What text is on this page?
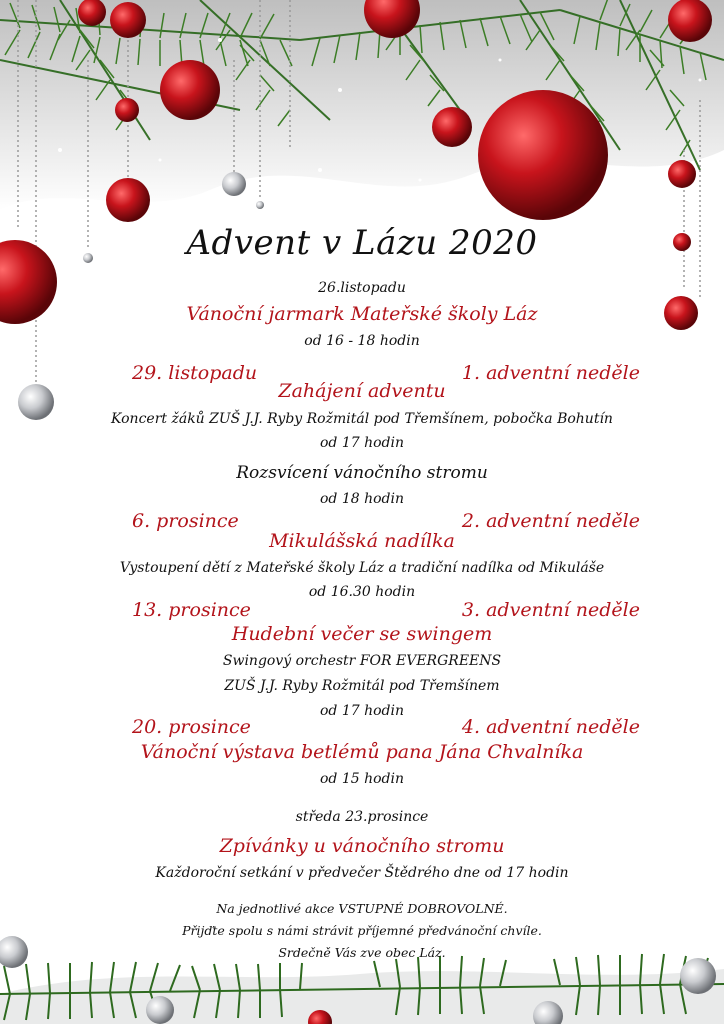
Advent v Lázu 2020
26.listopadu
Vánoční jarmark Mateřské školy Láz
od 16 - 18 hodin
29. listopadu	1. adventní neděle
Zahájení adventu
Koncert žáků ZUŠ J.J. Ryby Rožmitál pod Třemšínem, pobočka Bohutín
od 17 hodin
Rozsvícení vánočního stromu
od 18 hodin
6. prosince	2. adventní neděle
Mikulášská nadílka
Vystoupení dětí z Mateřské školy Láz a tradiční nadílka od Mikuláše
od 16.30 hodin
13. prosince	3. adventní neděle
Hudební večer se swingem
Swingový orchestr FOR EVERGREENS
ZUŠ J.J. Ryby Rožmitál pod Třemšínem
od 17 hodin
20. prosince	4. adventní neděle
Vánoční výstava betlémů pana Jána Chvalníka
od 15 hodin
středa 23.prosince
Zpívánky u vánočního stromu
Každoroční setkání v předvečer Štědrého dne od 17 hodin
Na jednotlivé akce VSTUPNÉ DOBROVOLNÉ.
Přijďte spolu s námi strávit příjemné předvánoční chvíle.
Srdečně Vás zve obec Láz.
